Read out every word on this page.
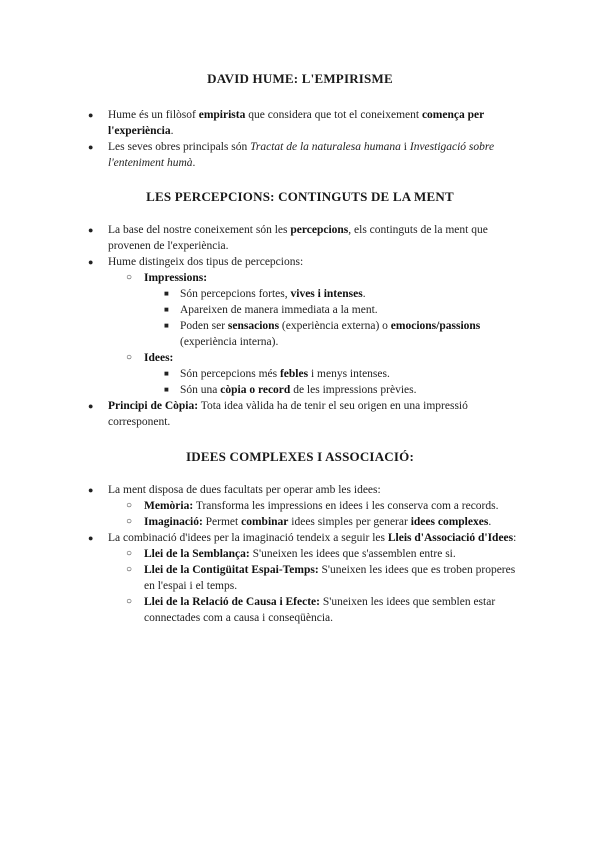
DAVID HUME: L'EMPIRISME
●	Hume és un filòsof empirista que considera que tot el coneixement comença per l'experiència.
●	Les seves obres principals són Tractat de la naturalesa humana i Investigació sobre l'enteniment humà.
LES PERCEPCIONS: CONTINGUTS DE LA MENT
●	La base del nostre coneixement són les percepcions, els continguts de la ment que provenen de l'experiència.
●	Hume distingeix dos tipus de percepcions:
○ Impressions:
■ Són percepcions fortes, vives i intenses.
■ Apareixen de manera immediata a la ment.
■ Poden ser sensacions (experiència externa) o emocions/passions (experiència interna).
○ Idees:
■ Són percepcions més febles i menys intenses.
■ Són una còpia o record de les impressions prèvies.
●	Principi de Còpia: Tota idea vàlida ha de tenir el seu origen en una impressió corresponent.
IDEES COMPLEXES I ASSOCIACIÓ:
●	La ment disposa de dues facultats per operar amb les idees:
○ Memòria: Transforma les impressions en idees i les conserva com a records.
○ Imaginació: Permet combinar idees simples per generar idees complexes.
●	La combinació d'idees per la imaginació tendeix a seguir les Lleis d'Associació d'Idees:
○ Llei de la Semblança: S'uneixen les idees que s'assemblen entre si.
○ Llei de la Contigüitat Espai-Temps: S'uneixen les idees que es troben properes en l'espai i el temps.
○ Llei de la Relació de Causa i Efecte: S'uneixen les idees que semblen estar connectades com a causa i conseqüència.
